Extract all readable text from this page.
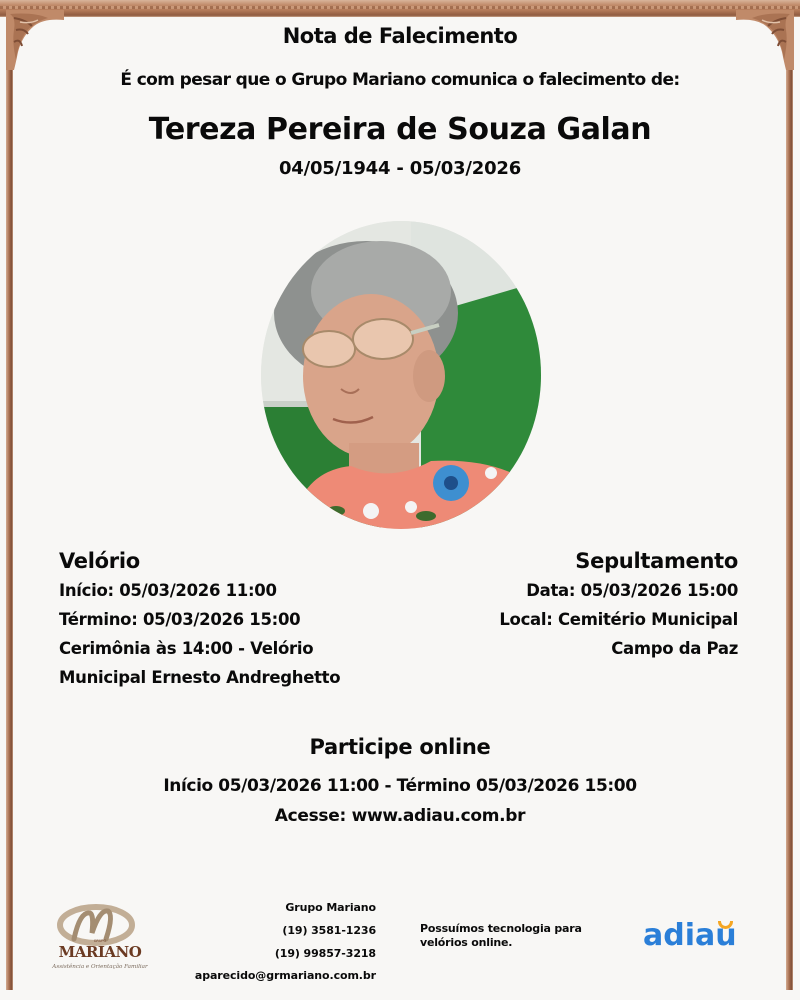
Nota de Falecimento
É com pesar que o Grupo Mariano comunica o falecimento de:
Tereza Pereira de Souza Galan
04/05/1944 - 05/03/2026
Velório
Início: 05/03/2026 11:00
Término: 05/03/2026 15:00
Cerimônia às 14:00 - Velório
Municipal Ernesto Andreghetto
Sepultamento
Data: 05/03/2026 15:00
Local: Cemitério Municipal
Campo da Paz
Participe online
Início 05/03/2026 11:00 - Término 05/03/2026 15:00
Acesse: www.adiau.com.br
GRUPO
MARIANO
Assistência e Orientação Familiar
Grupo Mariano
(19) 3581-1236
(19) 99857-3218
aparecido@grmariano.com.br
Possuímos tecnologia para
velórios online.	adiau
